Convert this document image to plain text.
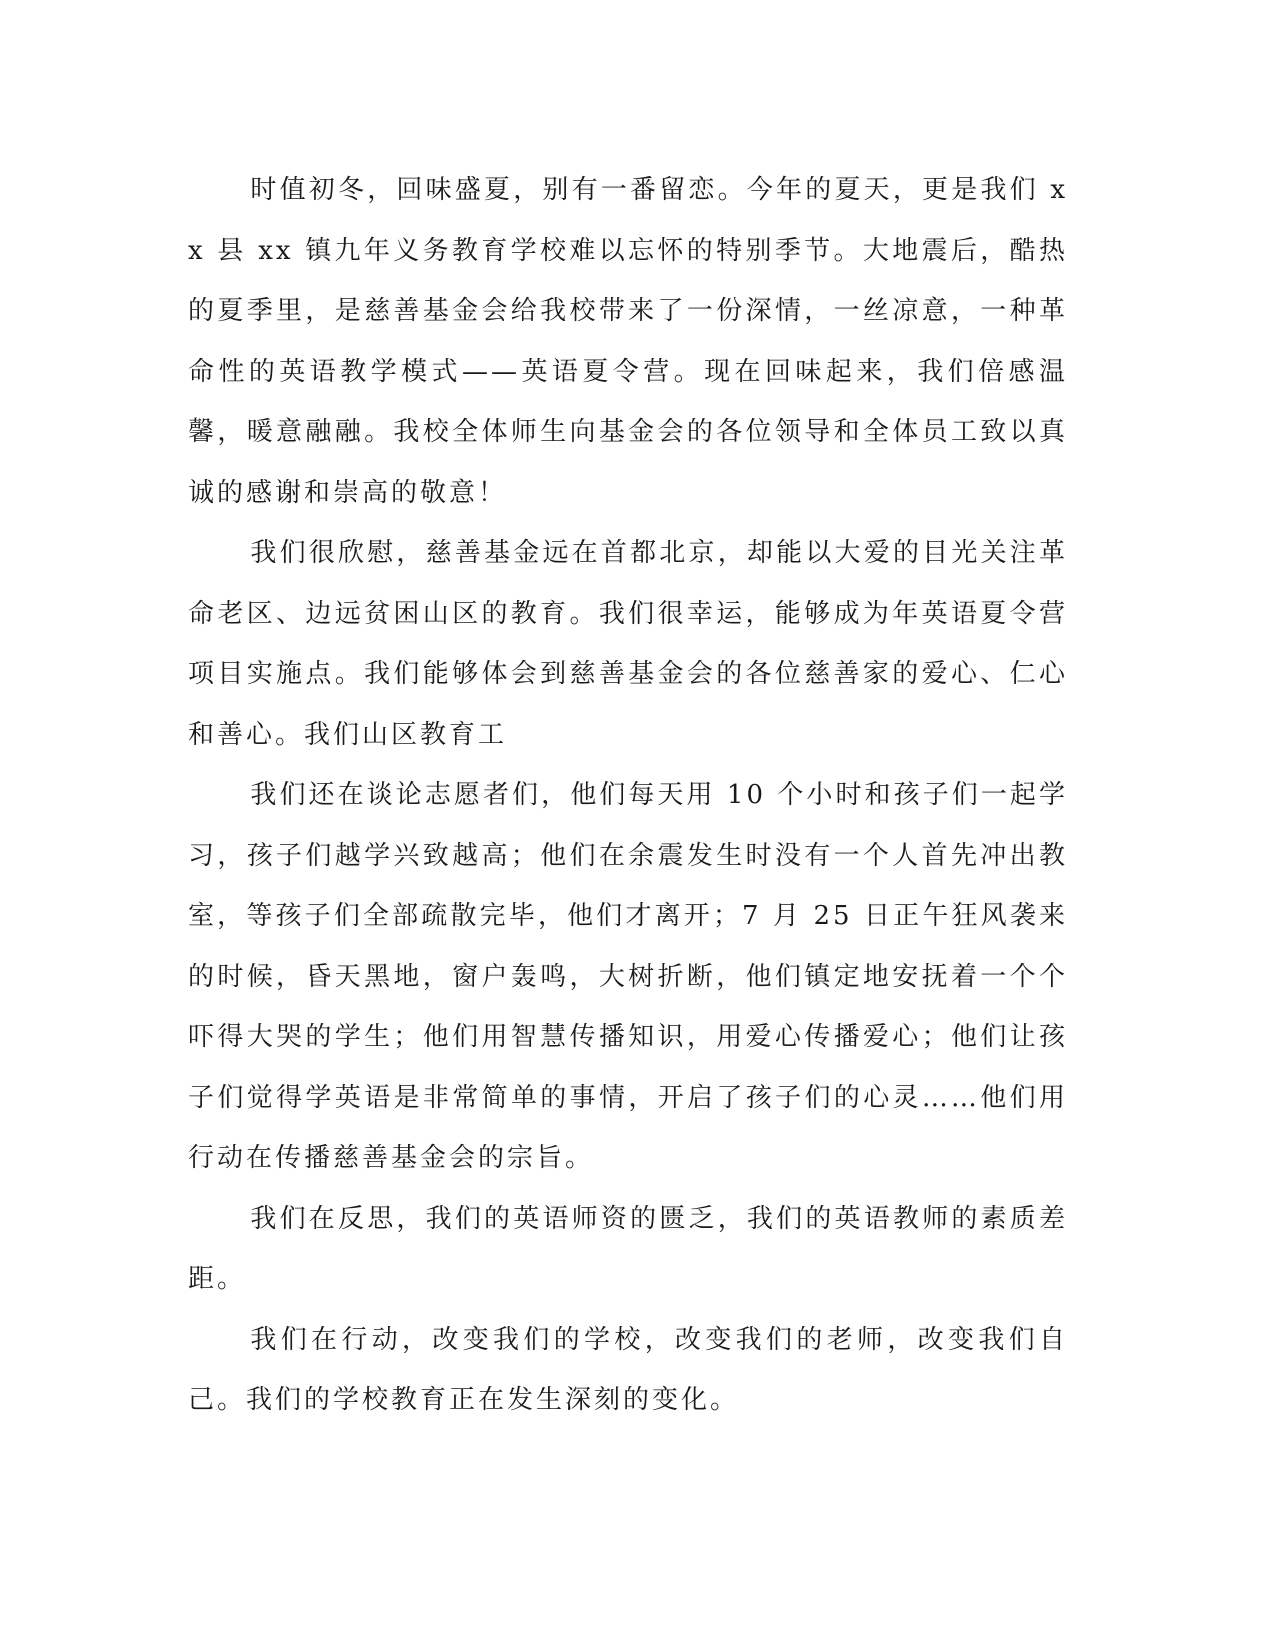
时值初冬，回味盛夏，别有一番留恋。今年的夏天，更是我们 xx 县 xx 镇九年义务教育学校难以忘怀的特别季节。大地震后，酷热的夏季里，是慈善基金会给我校带来了一份深情，一丝凉意，一种革命性的英语教学模式——英语夏令营。现在回味起来，我们倍感温馨，暖意融融。我校全体师生向基金会的各位领导和全体员工致以真诚的感谢和崇高的敬意！

我们很欣慰，慈善基金远在首都北京，却能以大爱的目光关注革命老区、边远贫困山区的教育。我们很幸运，能够成为年英语夏令营项目实施点。我们能够体会到慈善基金会的各位慈善家的爱心、仁心和善心。我们山区教育工

我们还在谈论志愿者们，他们每天用 10 个小时和孩子们一起学习，孩子们越学兴致越高；他们在余震发生时没有一个人首先冲出教室，等孩子们全部疏散完毕，他们才离开；7 月 25 日正午狂风袭来的时候，昏天黑地，窗户轰鸣，大树折断，他们镇定地安抚着一个个吓得大哭的学生；他们用智慧传播知识，用爱心传播爱心；他们让孩子们觉得学英语是非常简单的事情，开启了孩子们的心灵……他们用行动在传播慈善基金会的宗旨。

我们在反思，我们的英语师资的匮乏，我们的英语教师的素质差距。

我们在行动，改变我们的学校，改变我们的老师，改变我们自己。我们的学校教育正在发生深刻的变化。
